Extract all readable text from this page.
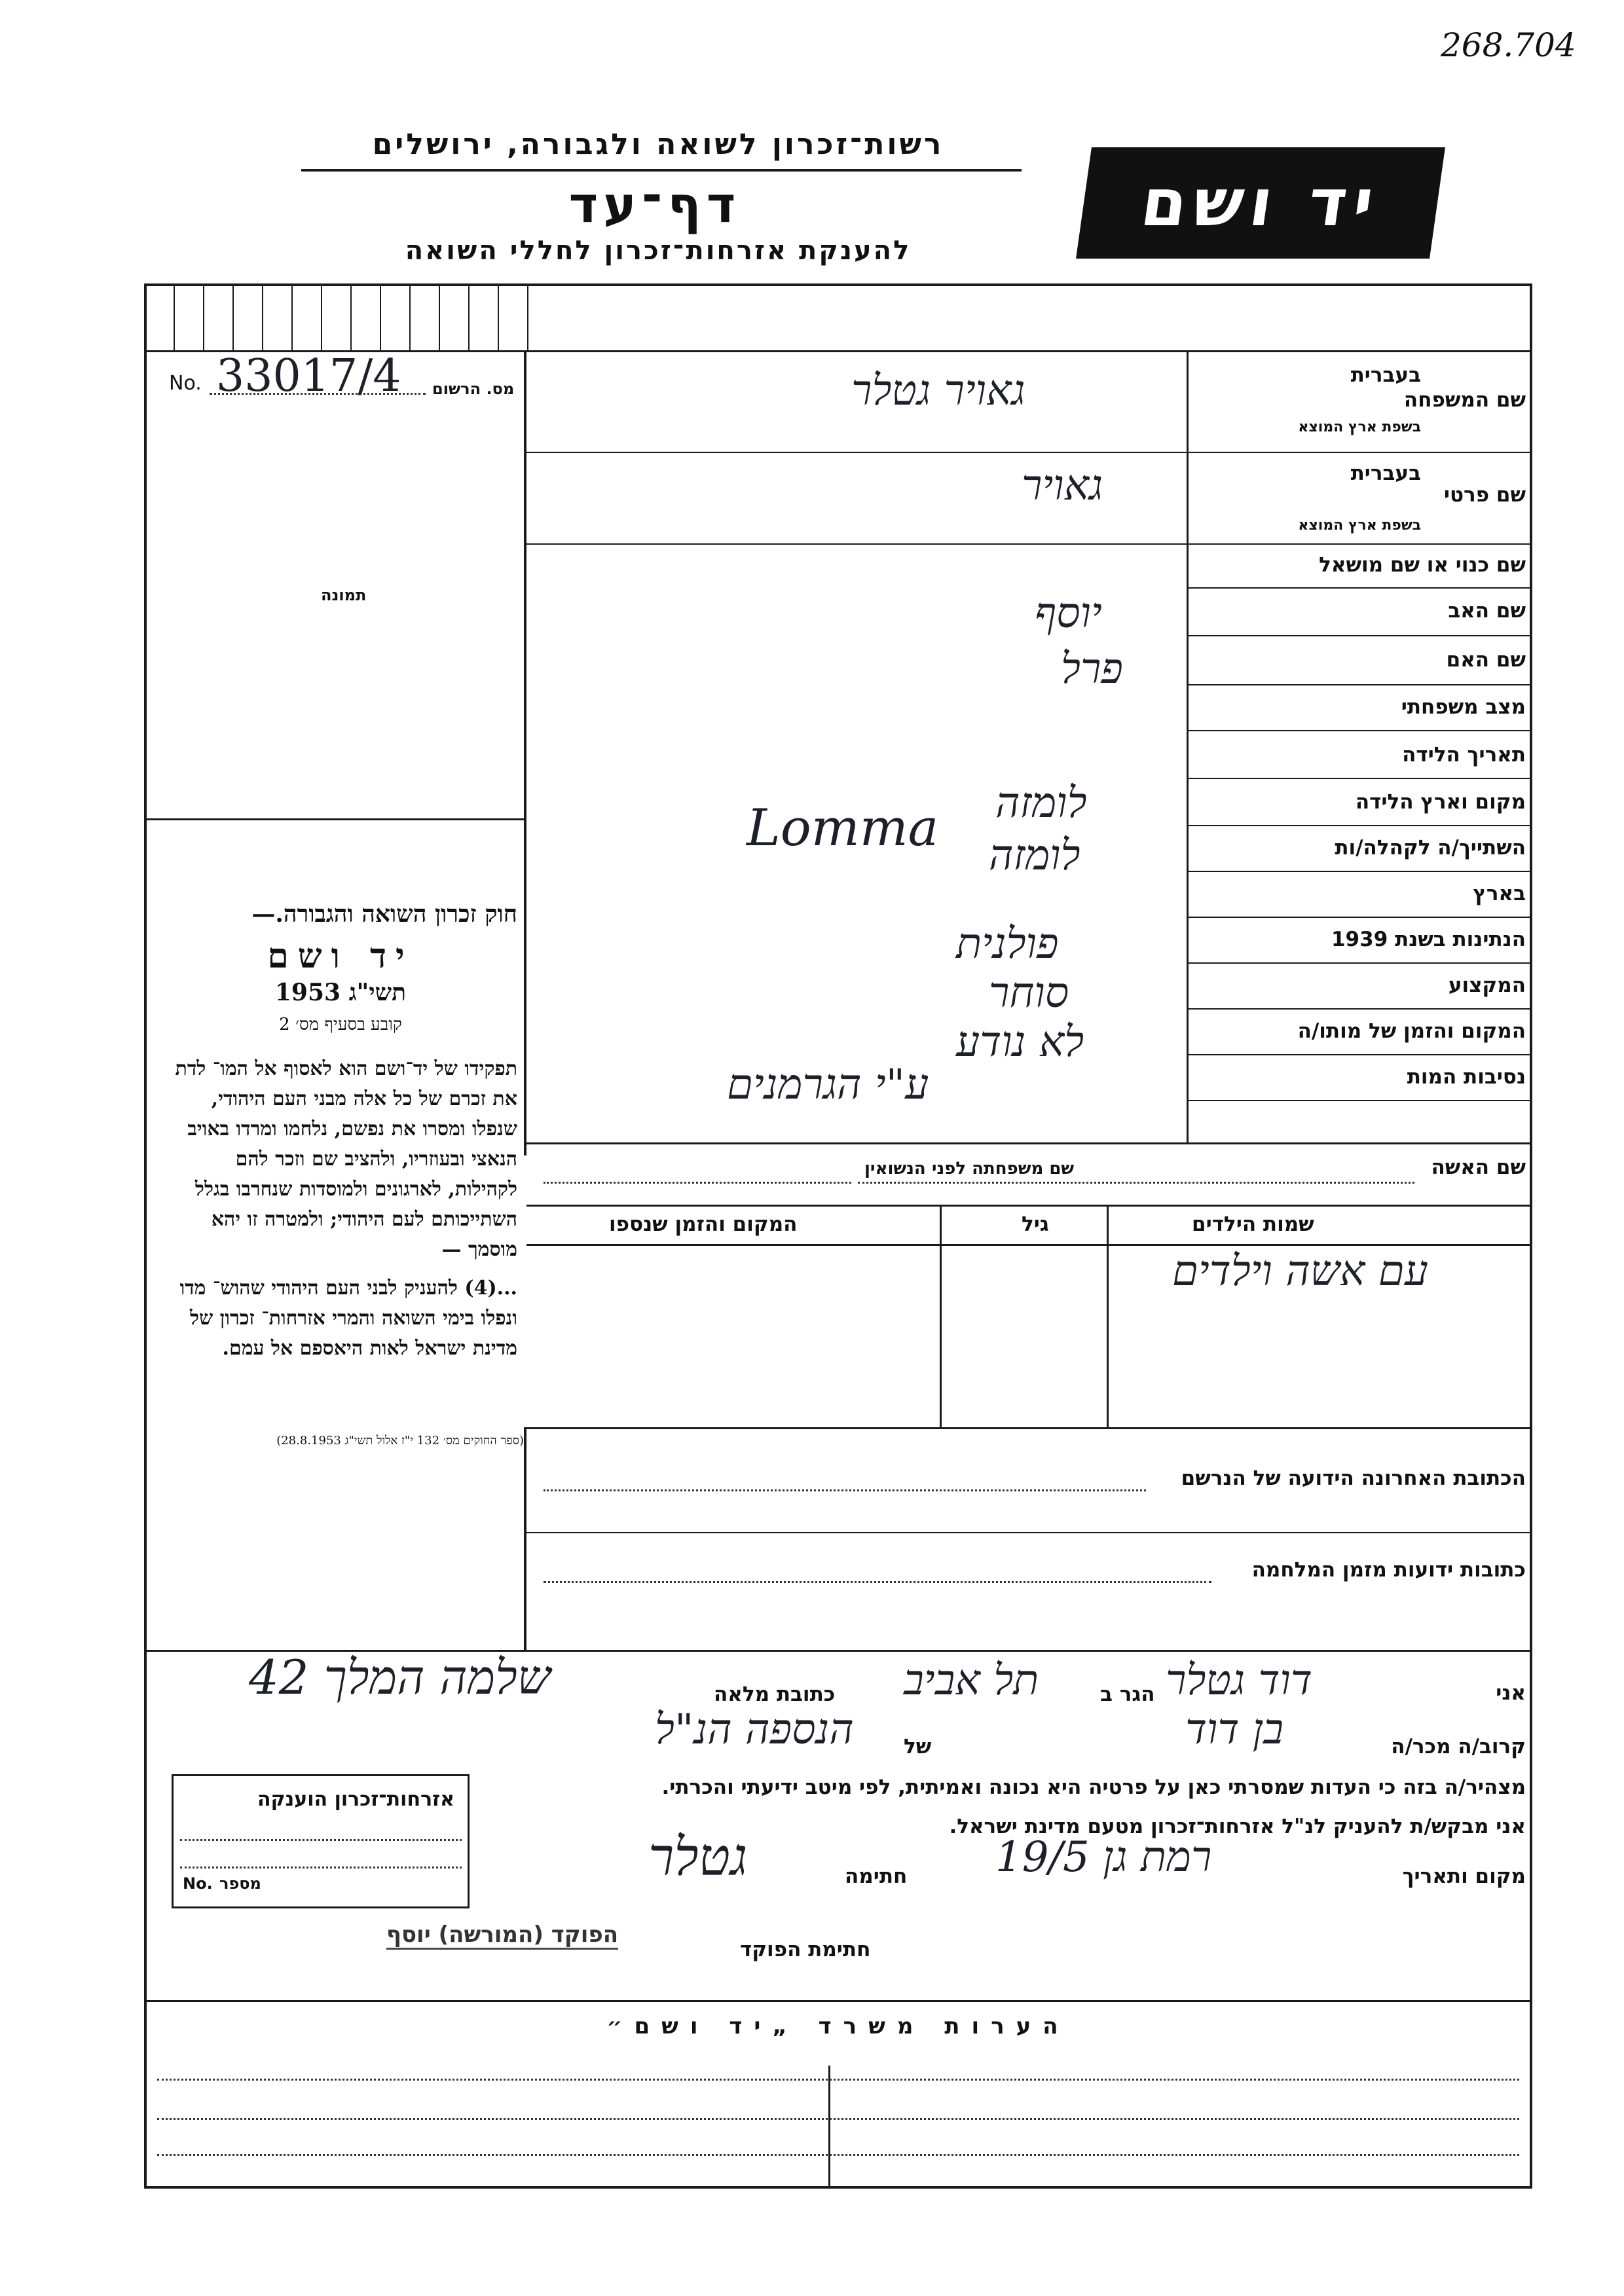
268.704
רשות־זכרון לשואה ולגבורה, ירושלים
דף־עד
להענקת אזרחות־זכרון לחללי השואה
יד ושם
No. 33017/4 מס. הרשום
תמונה
שם המשפחה
בעברית
בשפת ארץ המוצא
שם פרטי
בעברית
בשפת ארץ המוצא
שם כנוי או שם מושאל
שם האב
שם האם
מצב משפחתי
תאריך הלידה
מקום וארץ הלידה
השתייך/ה לקהלה/ות
בארץ
הנתינות בשנת 1939
המקצוע
המקום והזמן של מותו/ה
נסיבות המות
גאויר גטלר
גאויר
יוסף
פרל
Lomma לומזה
לומזה
פולנית
סוחר
לא נודע
ע"י הגרמנים
שם האשה
שם משפחתה לפני הנשואין
שמות הילדים
גיל
המקום והזמן שנספו
עם אשה וילדים
חוק זכרון השואה והגבורה.—
יד ושם
תשי"ג 1953
קובע בסעיף מס׳ 2
תפקידו של יד־ושם הוא לאסוף אל המו־ לדת את זכרם של כל אלה מבני העם היהודי, שנפלו ומסרו את נפשם, נלחמו ומרדו באויב הנאצי ובעוזריו, ולהציב שם וזכר להם לקהילות, לארגונים ולמוסדות שנחרבו בגלל השתייכותם לעם היהודי; ולמטרה זו יהא מוסמך —
...(4) להעניק לבני העם היהודי שהוש־ מדו ונפלו בימי השואה והמרי אזרחות־ זכרון של מדינת ישראל לאות היאספם אל עמם.
(ספר החוקים מס׳ 132 י"ז אלול תשי"ג 28.8.1953)
הכתובת האחרונה הידועה של הנרשם
כתובות ידועות מזמן המלחמה
אני
דוד גטלר
הגר ב
תל אביב
כתובת מלאה
שלמה המלך 42
קרוב/ה מכר/ה
בן דוד
של
הנספה הנ"ל
מצהיר/ה בזה כי העדות שמסרתי כאן על פרטיה היא נכונה ואמיתית, לפי מיטב ידיעתי והכרתי.
אני מבקש/ת להעניק לנ"ל אזרחות־זכרון מטעם מדינת ישראל.
מקום ותאריך
רמת גן 19/5
חתימה
גטלר
חתימת הפוקד
הפוקד (המורשה) יוסף
אזרחות־זכרון הוענקה
No. מספר
הערות משרד „יד ושם״
